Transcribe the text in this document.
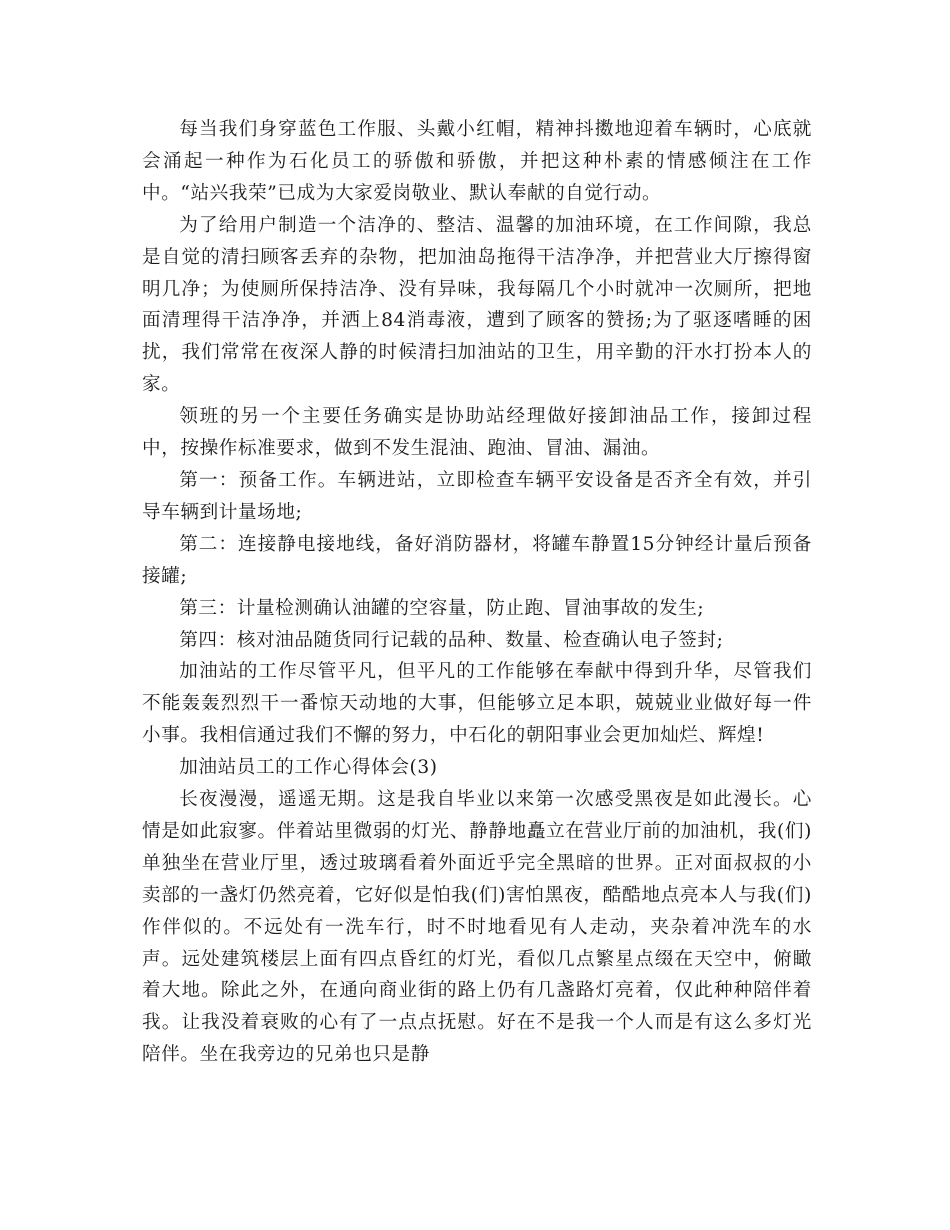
每当我们身穿蓝色工作服、头戴小红帽，精神抖擞地迎着车辆时，心底就会涌起一种作为石化员工的骄傲和骄傲，并把这种朴素的情感倾注在工作中。“站兴我荣”已成为大家爱岗敬业、默认奉献的自觉行动。

为了给用户制造一个洁净的、整洁、温馨的加油环境，在工作间隙，我总是自觉的清扫顾客丢弃的杂物，把加油岛拖得干洁净净，并把营业大厅擦得窗明几净；为使厕所保持洁净、没有异味，我每隔几个小时就冲一次厕所，把地面清理得干洁净净，并洒上84消毒液，遭到了顾客的赞扬;为了驱逐嗜睡的困扰，我们常常在夜深人静的时候清扫加油站的卫生，用辛勤的汗水打扮本人的家。

领班的另一个主要任务确实是协助站经理做好接卸油品工作，接卸过程中，按操作标准要求，做到不发生混油、跑油、冒油、漏油。

第一：预备工作。车辆进站，立即检查车辆平安设备是否齐全有效，并引导车辆到计量场地;

第二：连接静电接地线，备好消防器材，将罐车静置15分钟经计量后预备接罐;

第三：计量检测确认油罐的空容量，防止跑、冒油事故的发生;

第四：核对油品随货同行记载的品种、数量、检查确认电子签封;

加油站的工作尽管平凡，但平凡的工作能够在奉献中得到升华，尽管我们不能轰轰烈烈干一番惊天动地的大事，但能够立足本职，兢兢业业做好每一件小事。我相信通过我们不懈的努力，中石化的朝阳事业会更加灿烂、辉煌!

加油站员工的工作心得体会(3)

长夜漫漫，遥遥无期。这是我自毕业以来第一次感受黑夜是如此漫长。心情是如此寂寥。伴着站里微弱的灯光、静静地矗立在营业厅前的加油机，我(们)单独坐在营业厅里，透过玻璃看着外面近乎完全黑暗的世界。正对面叔叔的小卖部的一盏灯仍然亮着，它好似是怕我(们)害怕黑夜，酷酷地点亮本人与我(们)作伴似的。不远处有一洗车行，时不时地看见有人走动，夹杂着冲洗车的水声。远处建筑楼层上面有四点昏红的灯光，看似几点繁星点缀在天空中，俯瞰着大地。除此之外，在通向商业街的路上仍有几盏路灯亮着，仅此种种陪伴着我。让我没着衰败的心有了一点点抚慰。好在不是我一个人而是有这么多灯光陪伴。坐在我旁边的兄弟也只是静
